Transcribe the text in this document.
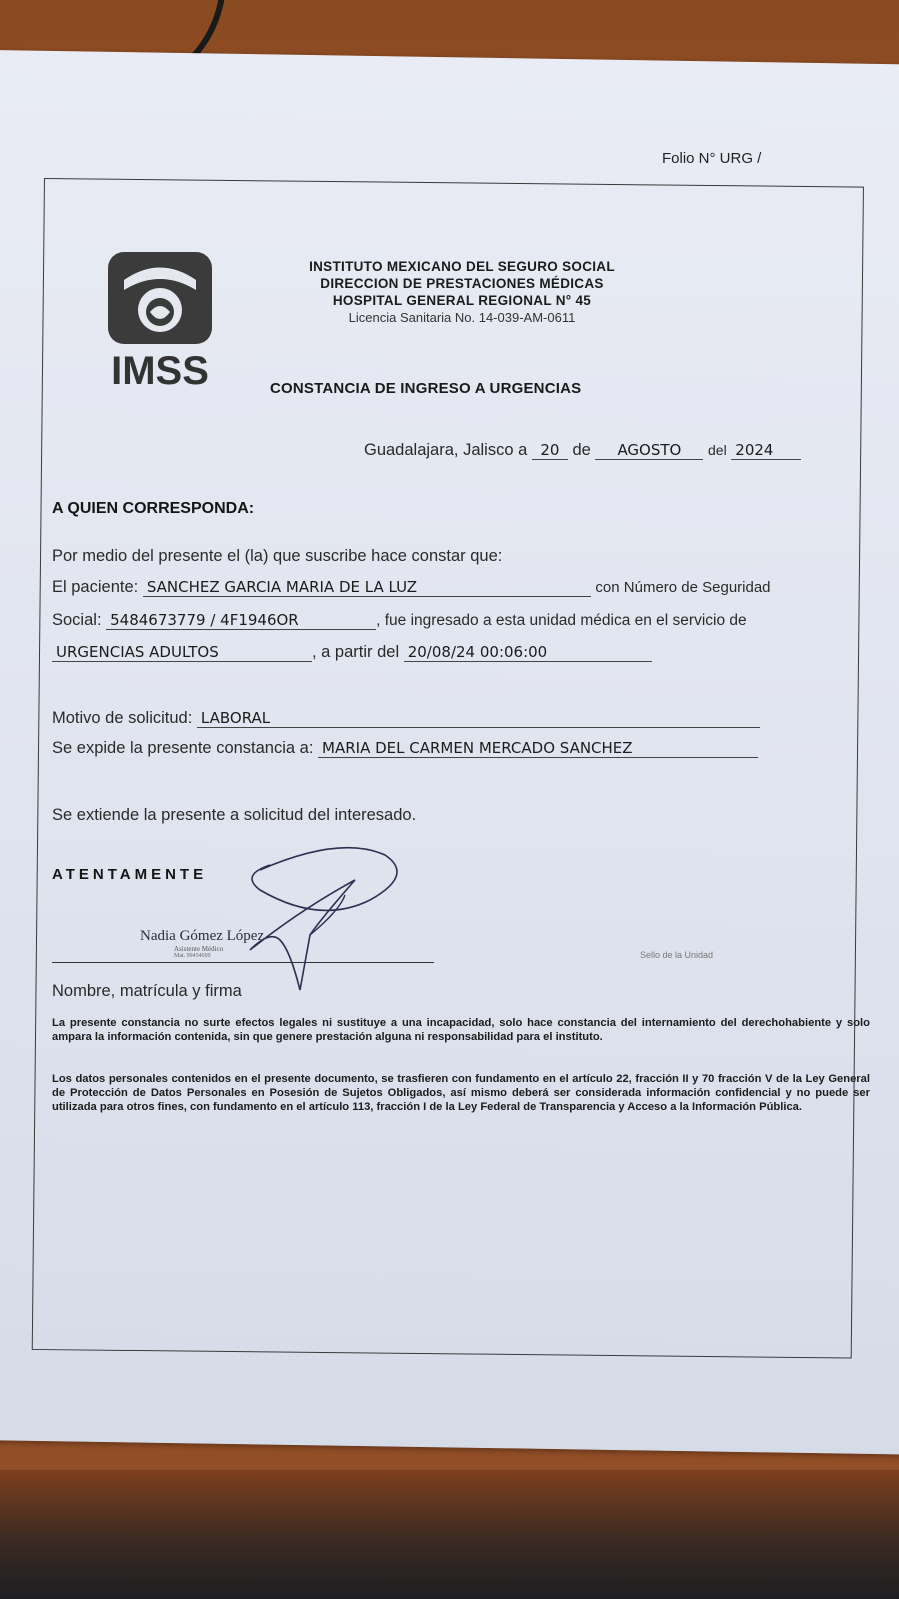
Folio N° URG /
IMSS
INSTITUTO MEXICANO DEL SEGURO SOCIAL
DIRECCION DE PRESTACIONES MÉDICAS
HOSPITAL GENERAL REGIONAL N° 45
Licencia Sanitaria No. 14-039-AM-0611
CONSTANCIA DE INGRESO A URGENCIAS
Guadalajara, Jalisco a 20 de AGOSTO del 2024
A QUIEN CORRESPONDA:
Por medio del presente el (la) que suscribe hace constar que:
El paciente: SANCHEZ GARCIA MARIA DE LA LUZ	con Número de Seguridad
Social: 5484673779 / 4F1946OR	, fue ingresado a esta unidad médica en el servicio de
URGENCIAS ADULTOS	, a partir del 20/08/24 00:06:00
Motivo de solicitud: LABORAL
Se expide la presente constancia a: MARIA DEL CARMEN MERCADO SANCHEZ
Se extiende la presente a solicitud del interesado.
ATENTAMENTE
Nadia Gómez López
Asistente Médico
Mat. 99454699
Nombre, matrícula y firma
Sello de la Unidad
La presente constancia no surte efectos legales ni sustituye a una incapacidad, solo hace constancia del internamiento del derechohabiente y solo ampara la información contenida, sin que genere prestación alguna ni responsabilidad para el instituto.
Los datos personales contenidos en el presente documento, se trasfieren con fundamento en el artículo 22, fracción II y 70 fracción V de la Ley General de Protección de Datos Personales en Posesión de Sujetos Obligados, así mismo deberá ser considerada información confidencial y no puede ser utilizada para otros fines, con fundamento en el artículo 113, fracción I de la Ley Federal de Transparencia y Acceso a la Información Pública.
